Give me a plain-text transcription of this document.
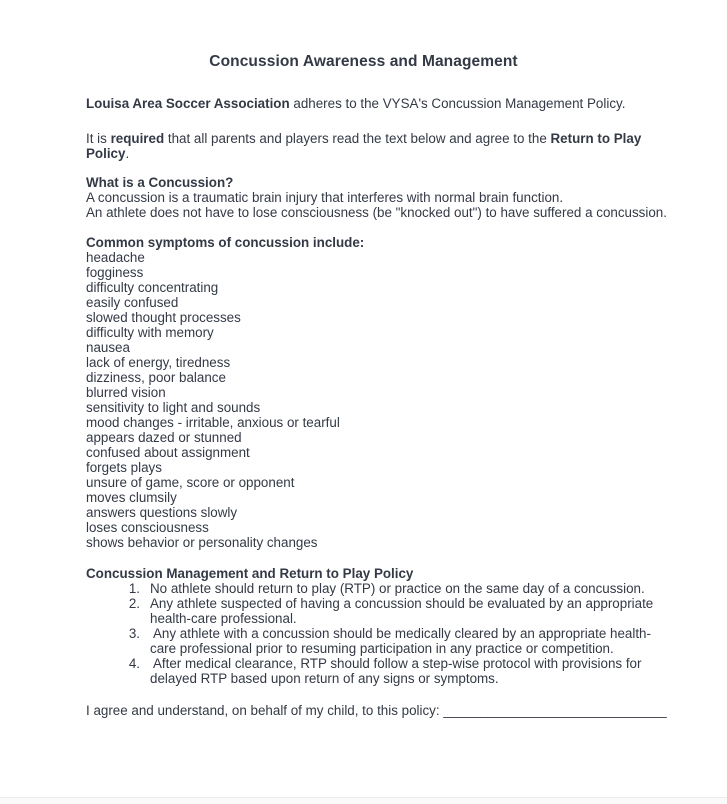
Concussion Awareness and Management
Louisa Area Soccer Association adheres to the VYSA's Concussion Management Policy.
It is required that all parents and players read the text below and agree to the Return to Play
Policy.
What is a Concussion?
A concussion is a traumatic brain injury that interferes with normal brain function.
An athlete does not have to lose consciousness (be "knocked out") to have suffered a concussion.
Common symptoms of concussion include:
headache
fogginess
difficulty concentrating
easily confused
slowed thought processes
difficulty with memory
nausea
lack of energy, tiredness
dizziness, poor balance
blurred vision
sensitivity to light and sounds
mood changes - irritable, anxious or tearful
appears dazed or stunned
confused about assignment
forgets plays
unsure of game, score or opponent
moves clumsily
answers questions slowly
loses consciousness
shows behavior or personality changes
Concussion Management and Return to Play Policy
1. No athlete should return to play (RTP) or practice on the same day of a concussion.
2. Any athlete suspected of having a concussion should be evaluated by an appropriate
health-care professional.
3. Any athlete with a concussion should be medically cleared by an appropriate health-
care professional prior to resuming participation in any practice or competition.
4. After medical clearance, RTP should follow a step-wise protocol with provisions for
delayed RTP based upon return of any signs or symptoms.
I agree and understand, on behalf of my child, to this policy: ______________________________
